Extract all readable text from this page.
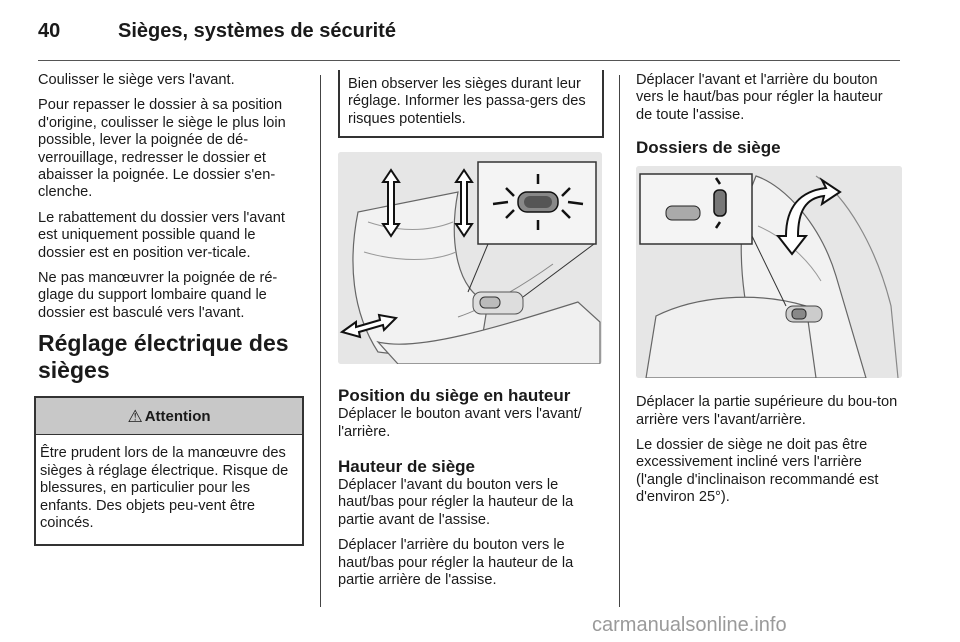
40	Sièges, systèmes de sécurité

Coulisser le siège vers l'avant.

Pour repasser le dossier à sa position d'origine, coulisser le siège le plus loin possible, lever la poignée de dé-verrouillage, redresser le dossier et abaisser la poignée. Le dossier s'en-clenche.

Le rabattement du dossier vers l'avant est uniquement possible quand le dossier est en position ver-ticale.

Ne pas manœuvrer la poignée de ré-glage du support lombaire quand le dossier est basculé vers l'avant.

Réglage électrique des sièges
⚠ Attention
Être prudent lors de la manœuvre des sièges à réglage électrique. Risque de blessures, en particulier pour les enfants. Des objets peu-vent être coincés.
Bien observer les sièges durant leur réglage. Informer les passa-gers des risques potentiels.
Position du siège en hauteur

Déplacer le bouton avant vers l'avant/ l'arrière.

Hauteur de siège

Déplacer l'avant du bouton vers le haut/bas pour régler la hauteur de la partie avant de l'assise.

Déplacer l'arrière du bouton vers le haut/bas pour régler la hauteur de la partie arrière de l'assise.

Déplacer l'avant et l'arrière du bouton vers le haut/bas pour régler la hauteur de toute l'assise.

Dossiers de siège

Déplacer la partie supérieure du bou-ton arrière vers l'avant/arrière.

Le dossier de siège ne doit pas être excessivement incliné vers l'arrière (l'angle d'inclinaison recommandé est d'environ 25°).

carmanualsonline.info
